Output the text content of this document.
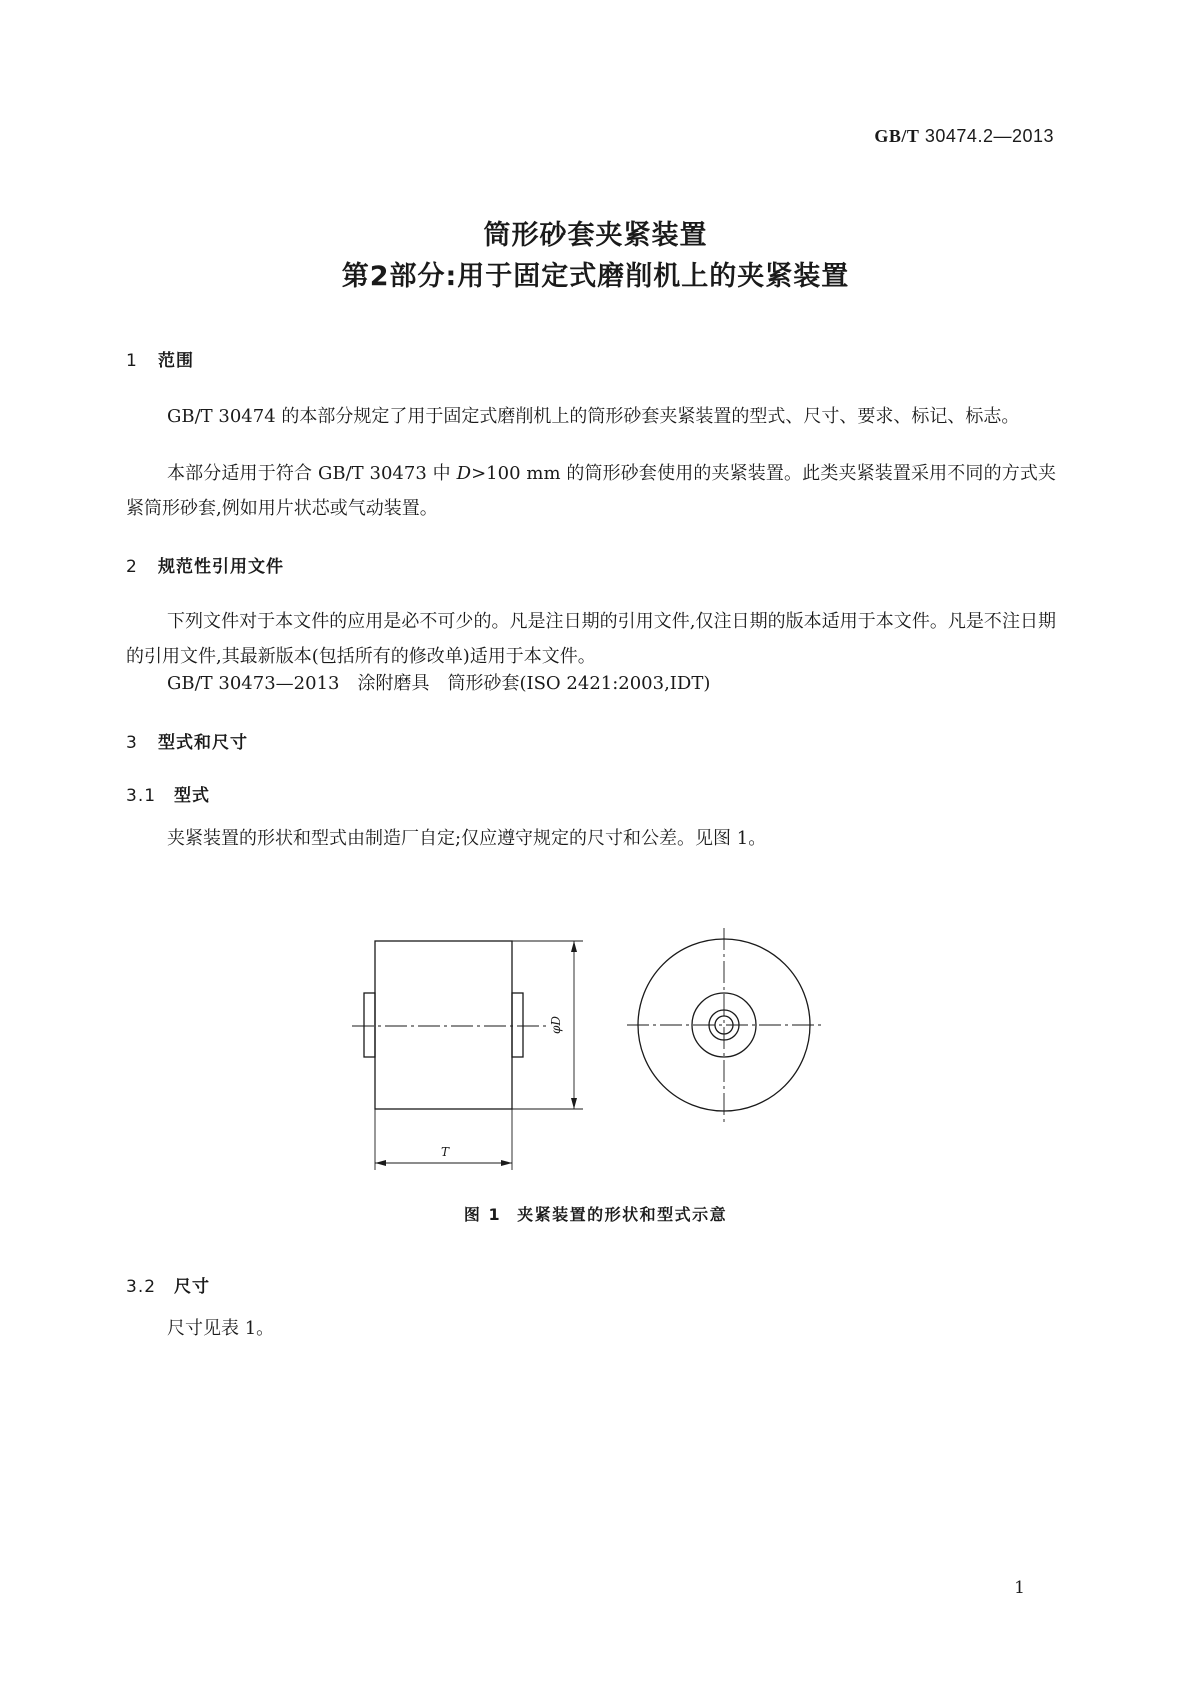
GB/T 30474.2—2013
筒形砂套夹紧装置
第2部分:用于固定式磨削机上的夹紧装置
1 范围
GB/T 30474 的本部分规定了用于固定式磨削机上的筒形砂套夹紧装置的型式、尺寸、要求、标记、标志。
本部分适用于符合 GB/T 30473 中 D>100 mm 的筒形砂套使用的夹紧装置。此类夹紧装置采用不同的方式夹紧筒形砂套,例如用片状芯或气动装置。
2 规范性引用文件
下列文件对于本文件的应用是必不可少的。凡是注日期的引用文件,仅注日期的版本适用于本文件。凡是不注日期的引用文件,其最新版本(包括所有的修改单)适用于本文件。
GB/T 30473—2013　涂附磨具　筒形砂套(ISO 2421:2003,IDT)
3 型式和尺寸
3.1 型式
夹紧装置的形状和型式由制造厂自定;仅应遵守规定的尺寸和公差。见图 1。
φD
T
图 1 夹紧装置的形状和型式示意
3.2 尺寸
尺寸见表 1。
1
